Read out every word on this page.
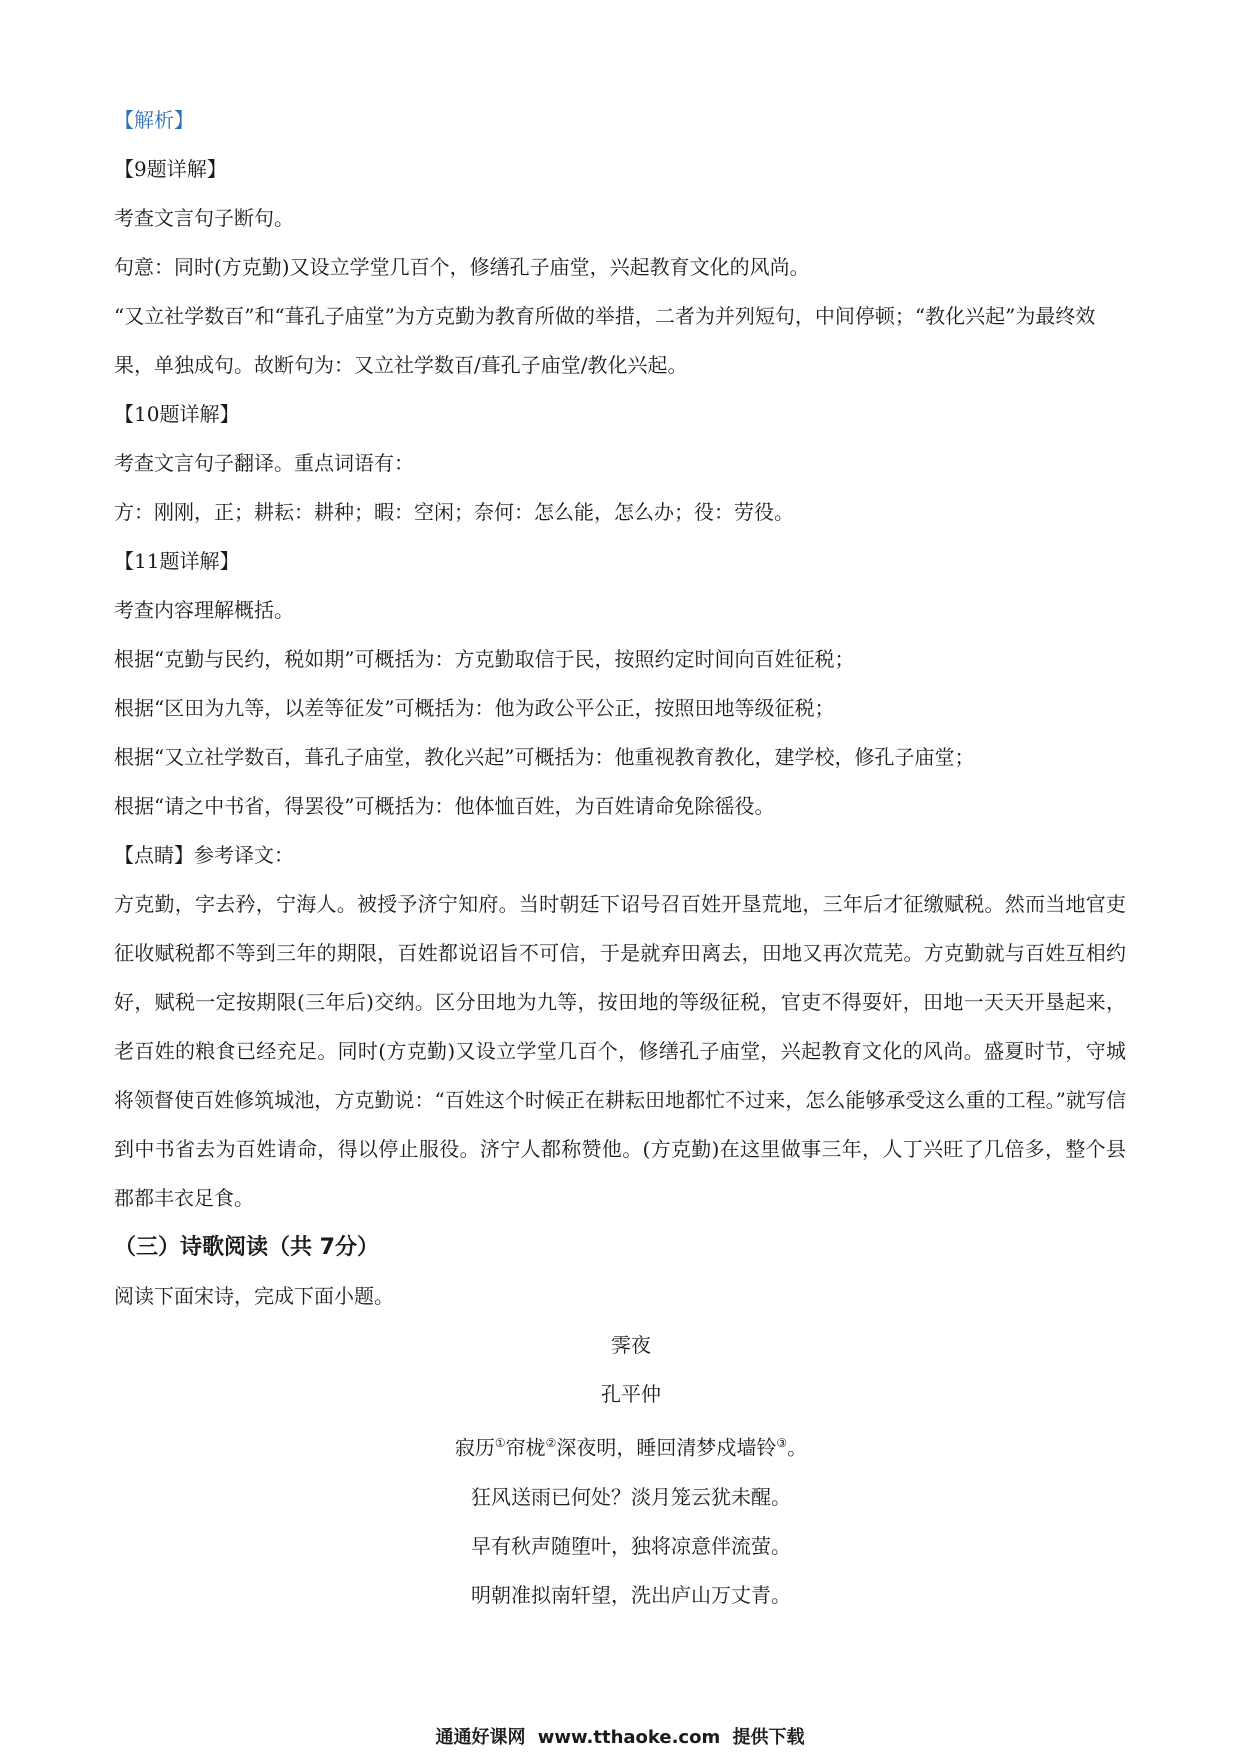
【解析】

【9题详解】

考查文言句子断句。

句意：同时(方克勤)又设立学堂几百个，修缮孔子庙堂，兴起教育文化的风尚。

“又立社学数百”和“葺孔子庙堂”为方克勤为教育所做的举措，二者为并列短句，中间停顿；“教化兴起”为最终效果，单独成句。故断句为：又立社学数百/葺孔子庙堂/教化兴起。

【10题详解】

考查文言句子翻译。重点词语有：

方：刚刚，正；耕耘：耕种；暇：空闲；奈何：怎么能，怎么办；役：劳役。

【11题详解】

考查内容理解概括。

根据“克勤与民约，税如期”可概括为：方克勤取信于民，按照约定时间向百姓征税；

根据“区田为九等，以差等征发”可概括为：他为政公平公正，按照田地等级征税；

根据“又立社学数百，葺孔子庙堂，教化兴起”可概括为：他重视教育教化，建学校，修孔子庙堂；

根据“请之中书省，得罢役”可概括为：他体恤百姓，为百姓请命免除徭役。

【点睛】参考译文：

方克勤，字去矜，宁海人。被授予济宁知府。当时朝廷下诏号召百姓开垦荒地，三年后才征缴赋税。然而当地官吏征收赋税都不等到三年的期限，百姓都说诏旨不可信，于是就弃田离去，田地又再次荒芜。方克勤就与百姓互相约好，赋税一定按期限(三年后)交纳。区分田地为九等，按田地的等级征税，官吏不得耍奸，田地一天天开垦起来，老百姓的粮食已经充足。同时(方克勤)又设立学堂几百个，修缮孔子庙堂，兴起教育文化的风尚。盛夏时节，守城将领督使百姓修筑城池，方克勤说：“百姓这个时候正在耕耘田地都忙不过来，怎么能够承受这么重的工程。”就写信到中书省去为百姓请命，得以停止服役。济宁人都称赞他。(方克勤)在这里做事三年，人丁兴旺了几倍多，整个县郡都丰衣足食。

（三）诗歌阅读（共 7分）

阅读下面宋诗，完成下面小题。

霁夜

孔平仲

寂历①帘栊②深夜明，睡回清梦戍墙铃③。

狂风送雨已何处？淡月笼云犹未醒。

早有秋声随堕叶，独将凉意伴流萤。

明朝准拟南轩望，洗出庐山万丈青。

通通好课网 www.tthaoke.com 提供下载
